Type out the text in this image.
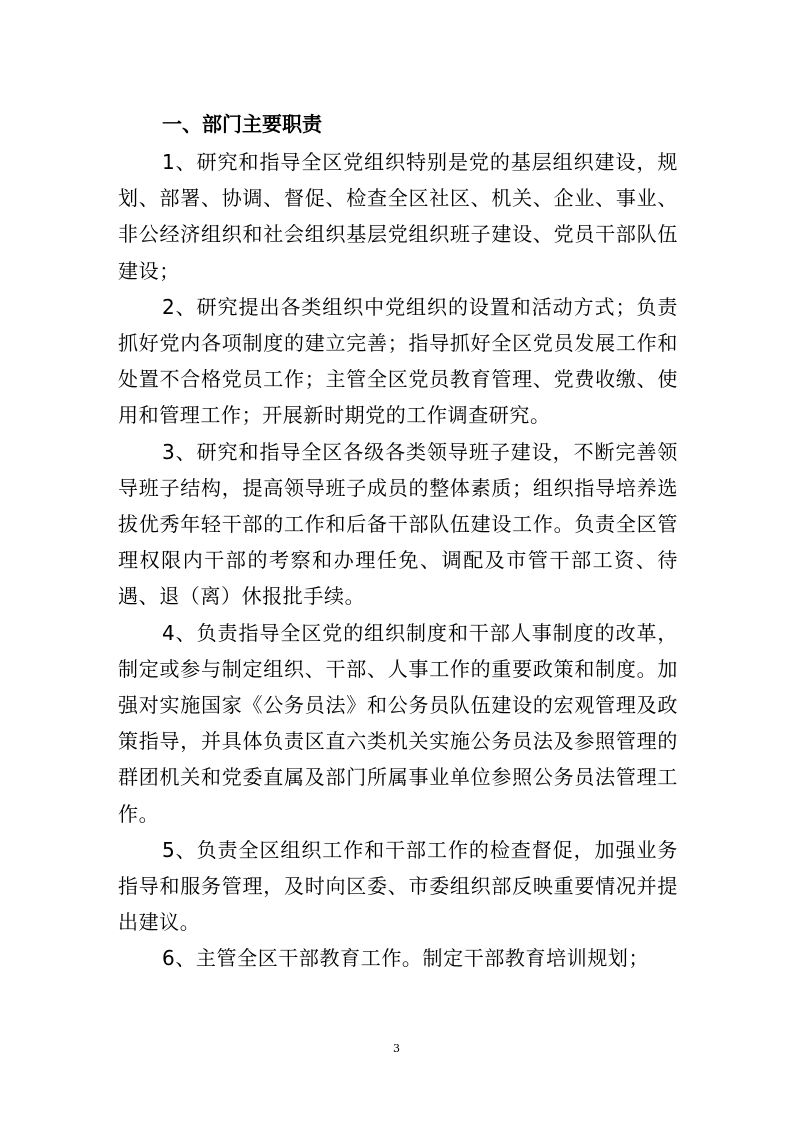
一、部门主要职责

1、研究和指导全区党组织特别是党的基层组织建设，规划、部署、协调、督促、检查全区社区、机关、企业、事业、非公经济组织和社会组织基层党组织班子建设、党员干部队伍建设；

2、研究提出各类组织中党组织的设置和活动方式；负责抓好党内各项制度的建立完善；指导抓好全区党员发展工作和处置不合格党员工作；主管全区党员教育管理、党费收缴、使用和管理工作；开展新时期党的工作调查研究。

3、研究和指导全区各级各类领导班子建设，不断完善领导班子结构，提高领导班子成员的整体素质；组织指导培养选拔优秀年轻干部的工作和后备干部队伍建设工作。负责全区管理权限内干部的考察和办理任免、调配及市管干部工资、待遇、退（离）休报批手续。

4、负责指导全区党的组织制度和干部人事制度的改革，制定或参与制定组织、干部、人事工作的重要政策和制度。加强对实施国家《公务员法》和公务员队伍建设的宏观管理及政策指导，并具体负责区直六类机关实施公务员法及参照管理的群团机关和党委直属及部门所属事业单位参照公务员法管理工作。

5、负责全区组织工作和干部工作的检查督促，加强业务指导和服务管理，及时向区委、市委组织部反映重要情况并提出建议。

6、主管全区干部教育工作。制定干部教育培训规划；

3
